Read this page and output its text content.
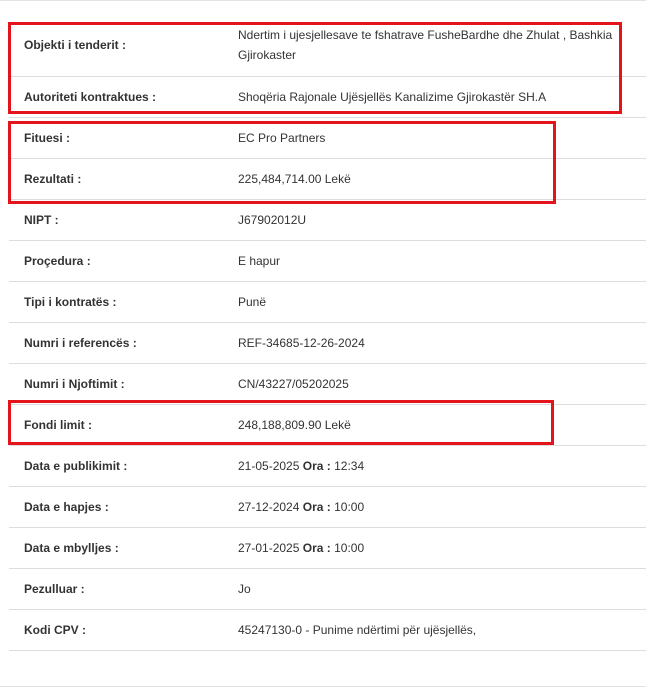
Objekti i tenderit :	Ndertim i ujesjellesave te fshatrave FusheBardhe dhe Zhulat , Bashkia Gjirokaster
Autoriteti kontraktues :	Shoqëria Rajonale Ujësjellës Kanalizime Gjirokastër SH.A
Fituesi :	EC Pro Partners
Rezultati :	225,484,714.00 Lekë
NIPT :	J67902012U
Proçedura :	E hapur
Tipi i kontratës :	Punë
Numri i referencës :	REF-34685-12-26-2024
Numri i Njoftimit :	CN/43227/05202025
Fondi limit :	248,188,809.90 Lekë
Data e publikimit :	21-05-2025 Ora : 12:34
Data e hapjes :	27-12-2024 Ora : 10:00
Data e mbylljes :	27-01-2025 Ora : 10:00
Pezulluar :	Jo
Kodi CPV :	45247130-0 - Punime ndërtimi për ujësjellës,
